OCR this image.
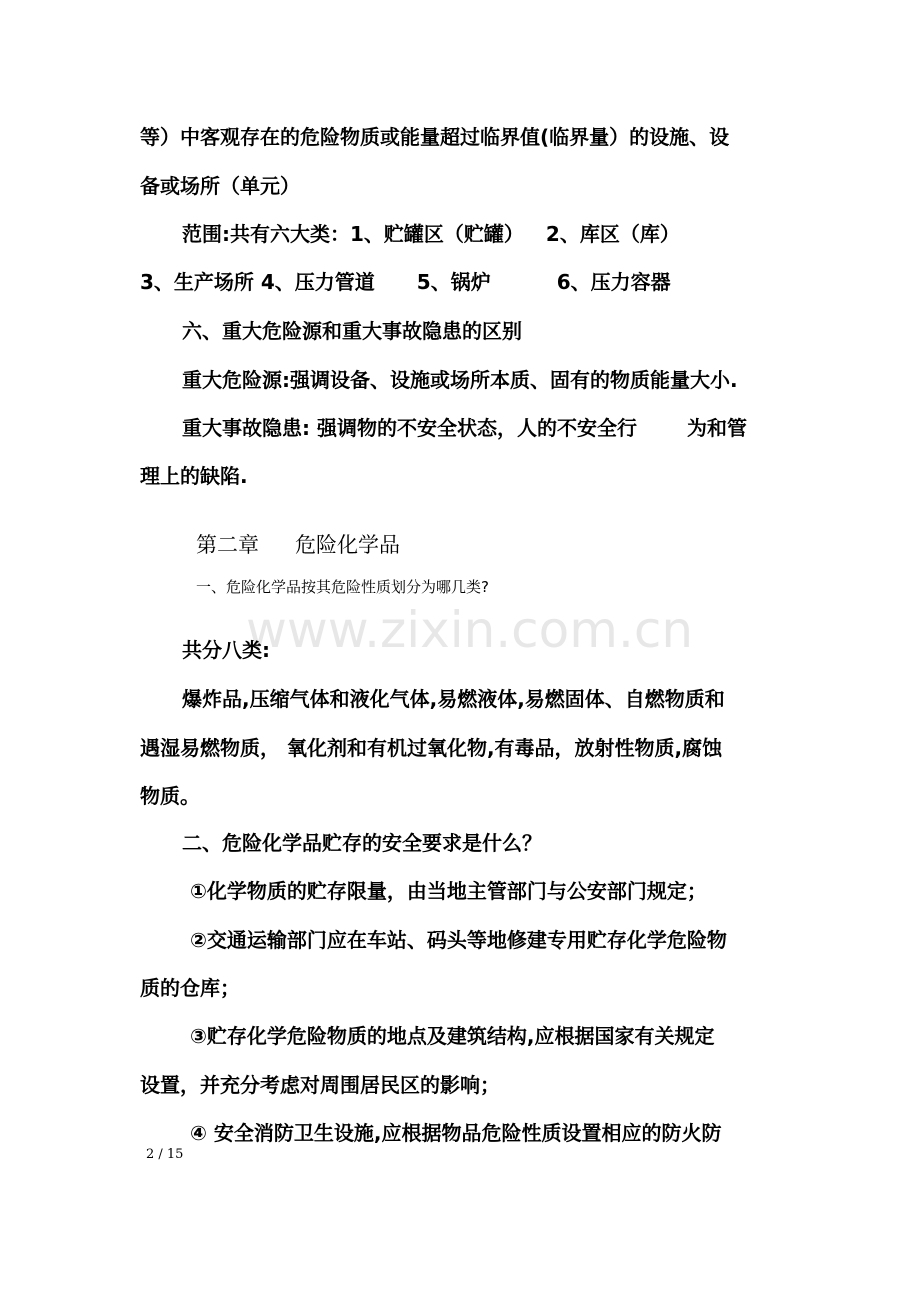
等）中客观存在的危险物质或能量超过临界值(临界量）的设施、设
备或场所（单元）
范围:共有六大类：1、贮罐区（贮罐） 2、库区（库）
3、生产场所 4、压力管道 5、锅炉	6、压力容器
六、重大危险源和重大事故隐患的区别
重大危险源:强调设备、设施或场所本质、固有的物质能量大小.
重大事故隐患: 强调物的不安全状态，人的不安全行	为和管
理上的缺陷.
第二章 危险化学品
一、危险化学品按其危险性质划分为哪几类?
www.zixin.com.cn
共分八类:
爆炸品,压缩气体和液化气体,易燃液体,易燃固体、自燃物质和
遇湿易燃物质， 氧化剂和有机过氧化物,有毒品，放射性物质,腐蚀
物质。
二、危险化学品贮存的安全要求是什么？
①化学物质的贮存限量，由当地主管部门与公安部门规定；
②交通运输部门应在车站、码头等地修建专用贮存化学危险物
质的仓库；
③贮存化学危险物质的地点及建筑结构,应根据国家有关规定
设置，并充分考虑对周围居民区的影响；
④ 安全消防卫生设施,应根据物品危险性质设置相应的防火防
2 / 15
